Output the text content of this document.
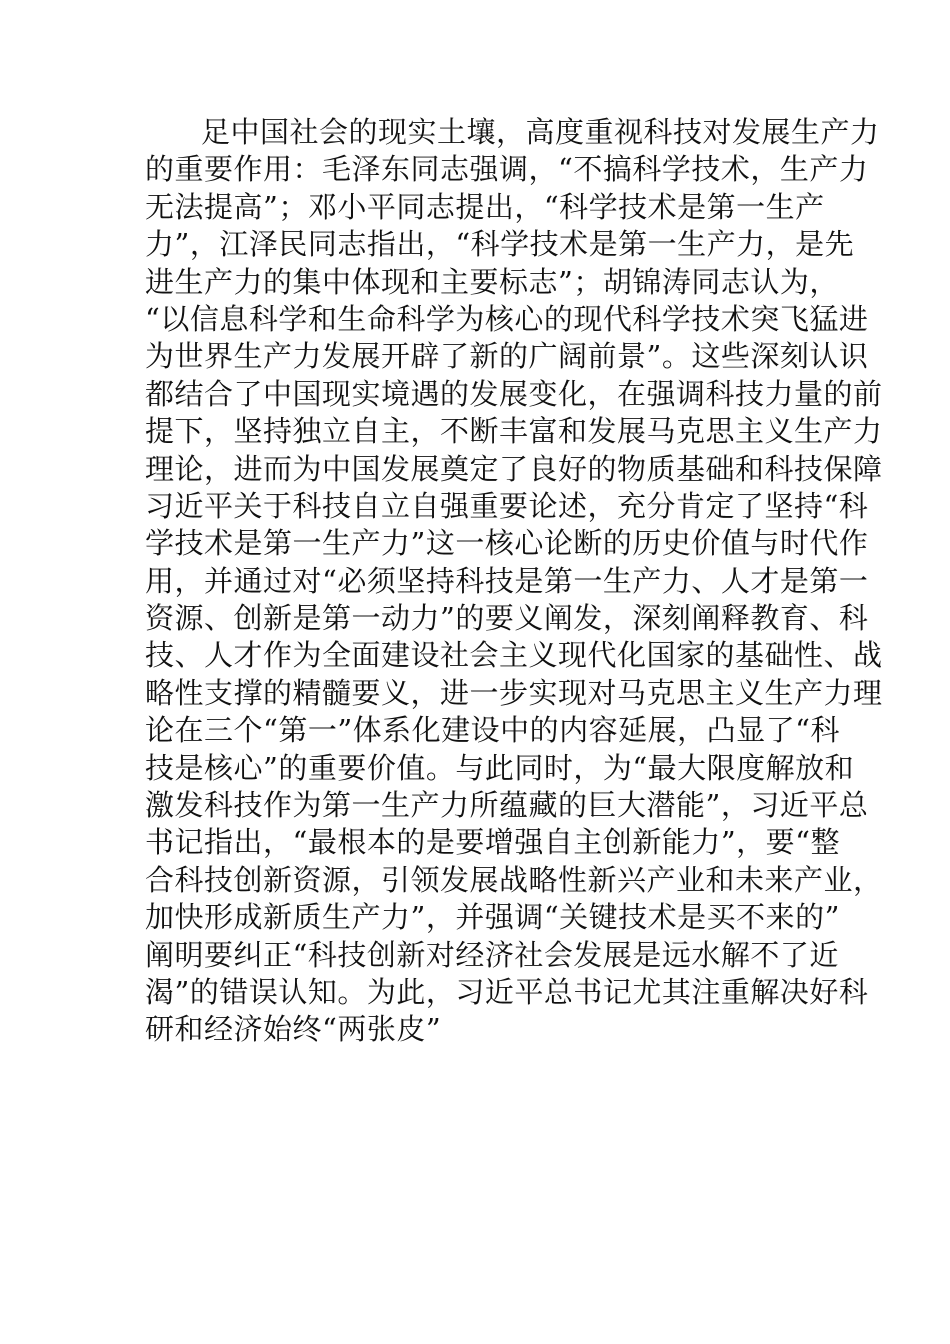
足中国社会的现实土壤，高度重视科技对发展生产力
的重要作用：毛泽东同志强调，“不搞科学技术，生产力
无法提高”；邓小平同志提出，“科学技术是第一生产
力”，江泽民同志指出，“科学技术是第一生产力，是先
进生产力的集中体现和主要标志”；胡锦涛同志认为，
“以信息科学和生命科学为核心的现代科学技术突飞猛进
为世界生产力发展开辟了新的广阔前景”。这些深刻认识
都结合了中国现实境遇的发展变化，在强调科技力量的前
提下，坚持独立自主，不断丰富和发展马克思主义生产力
理论，进而为中国发展奠定了良好的物质基础和科技保障
习近平关于科技自立自强重要论述，充分肯定了坚持“科
学技术是第一生产力”这一核心论断的历史价值与时代作
用，并通过对“必须坚持科技是第一生产力、人才是第一
资源、创新是第一动力”的要义阐发，深刻阐释教育、科
技、人才作为全面建设社会主义现代化国家的基础性、战
略性支撑的精髓要义，进一步实现对马克思主义生产力理
论在三个“第一”体系化建设中的内容延展，凸显了“科
技是核心”的重要价值。与此同时，为“最大限度解放和
激发科技作为第一生产力所蕴藏的巨大潜能”，习近平总
书记指出，“最根本的是要增强自主创新能力”，要“整
合科技创新资源，引领发展战略性新兴产业和未来产业，
加快形成新质生产力”，并强调“关键技术是买不来的”
阐明要纠正“科技创新对经济社会发展是远水解不了近
渴”的错误认知。为此，习近平总书记尤其注重解决好科
研和经济始终“两张皮”
